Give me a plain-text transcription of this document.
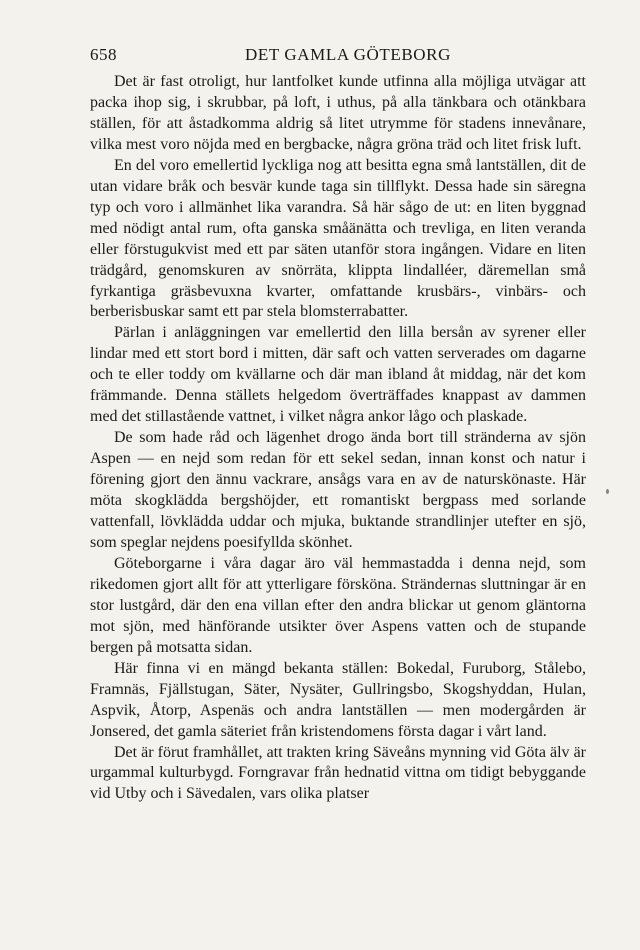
658	DET GAMLA GÖTEBORG

Det är fast otroligt, hur lantfolket kunde utfinna alla möjliga utvägar att packa ihop sig, i skrubbar, på loft, i uthus, på alla tänkbara och otänkbara ställen, för att åstadkomma aldrig så litet utrymme för stadens innevånare, vilka mest voro nöjda med en bergbacke, några gröna träd och litet frisk luft.

En del voro emellertid lyckliga nog att besitta egna små lantställen, dit de utan vidare bråk och besvär kunde taga sin tillflykt. Dessa hade sin säregna typ och voro i allmänhet lika varandra. Så här sågo de ut: en liten byggnad med nödigt antal rum, ofta ganska småänätta och trevliga, en liten veranda eller förstugukvist med ett par säten utanför stora ingången. Vidare en liten trädgård, genomskuren av snörräta, klippta lindalléer, däremellan små fyrkantiga gräsbevuxna kvarter, omfattande krusbärs-, vinbärs- och berberisbuskar samt ett par stela blomsterrabatter.

Pärlan i anläggningen var emellertid den lilla bersån av syrener eller lindar med ett stort bord i mitten, där saft och vatten serverades om dagarne och te eller toddy om kvällarne och där man ibland åt middag, när det kom främmande. Denna ställets helgedom överträffades knappast av dammen med det stillastående vattnet, i vilket några ankor lågo och plaskade.

De som hade råd och lägenhet drogo ända bort till stränderna av sjön Aspen — en nejd som redan för ett sekel sedan, innan konst och natur i förening gjort den ännu vackrare, ansågs vara en av de naturskönaste. Här möta skogklädda bergshöjder, ett romantiskt bergpass med sorlande vattenfall, lövklädda uddar och mjuka, buktande strandlinjer utefter en sjö, som speglar nejdens poesifyllda skönhet.

Göteborgarne i våra dagar äro väl hemmastadda i denna nejd, som rikedomen gjort allt för att ytterligare försköna. Strändernas sluttningar är en stor lustgård, där den ena villan efter den andra blickar ut genom gläntorna mot sjön, med hänförande utsikter över Aspens vatten och de stupande bergen på motsatta sidan.

Här finna vi en mängd bekanta ställen: Bokedal, Furuborg, Stålebo, Framnäs, Fjällstugan, Säter, Nysäter, Gullringsbo, Skogshyddan, Hulan, Aspvik, Åtorp, Aspenäs och andra lantställen — men modergården är Jonsered, det gamla säteriet från kristendomens första dagar i vårt land.

Det är förut framhållet, att trakten kring Säveåns mynning vid Göta älv är urgammal kulturbygd. Forngravar från hednatid vittna om tidigt bebyggande vid Utby och i Sävedalen, vars olika platser
